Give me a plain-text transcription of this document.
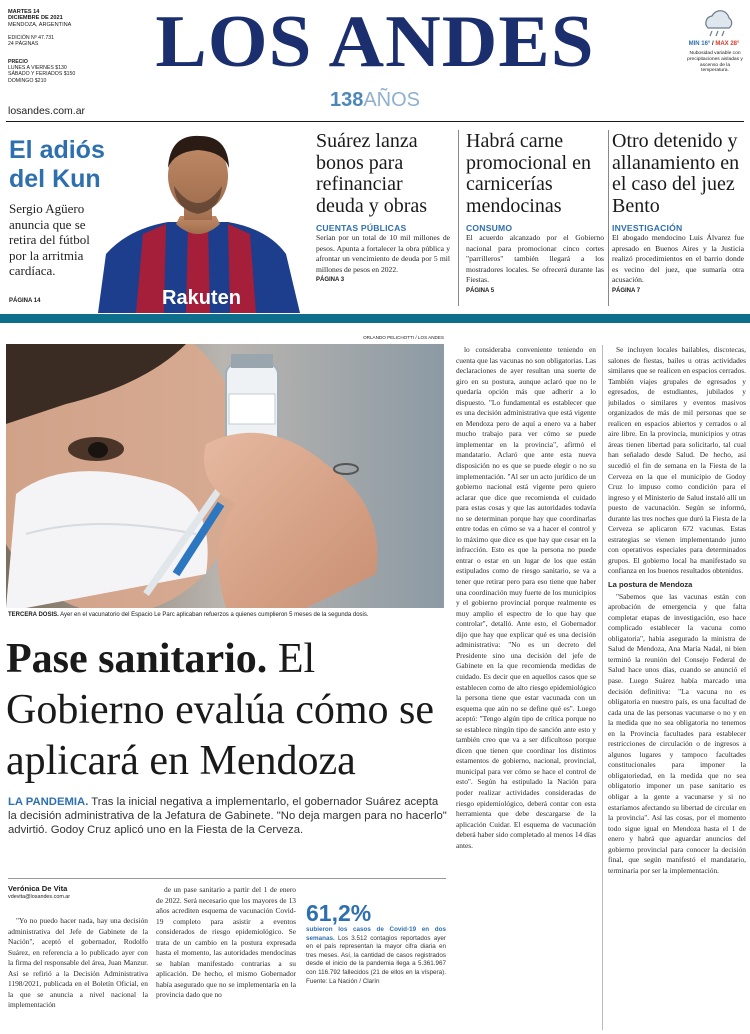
MARTES 14
DICIEMBRE DE 2021
MENDOZA, ARGENTINA
EDICIÓN Nº 47.731
24 PÁGINAS
PRECIO
LUNES A VIERNES $130
SÁBADO Y FERIADOS $150
DOMINGO $210
losandes.com.ar
LOS ANDES
138AÑOS
MIN 16° / MAX 28°
Nubosidad variable con precipitaciones aisladas y ascenso de la temperatura.
Rakuten
El adiós del Kun
Sergio Agüero anuncia que se retira del fútbol por la arritmia cardíaca.
PÁGINA 14
Suárez lanza bonos para refinanciar deuda y obras
CUENTAS PÚBLICAS
Serían por un total de 10 mil millones de pesos. Apunta a fortalecer la obra pública y afrontar un vencimiento de deuda por 5 mil millones de pesos en 2022.
PÁGINA 3
Habrá carne promocional en carnicerías mendocinas
CONSUMO
El acuerdo alcanzado por el Gobierno nacional para promocionar cinco cortes "parrilleros" también llegará a los mostradores locales. Se ofrecerá durante las Fiestas.
PÁGINA 5
Otro detenido y allanamiento en el caso del juez Bento
INVESTIGACIÓN
El abogado mendocino Luis Álvarez fue apresado en Buenos Aires y la Justicia realizó procedimientos en el barrio donde es vecino del juez, que sumaría otra acusación.
PÁGINA 7
ORLANDO PELICHOTTI / LOS ANDES
TERCERA DOSIS. Ayer en el vacunatorio del Espacio Le Parc aplicaban refuerzos a quienes cumplieron 5 meses de la segunda dosis.
Pase sanitario. El Gobierno evalúa cómo se aplicará en Mendoza
LA PANDEMIA. Tras la inicial negativa a implementarlo, el gobernador Suárez acepta la decisión administrativa de la Jefatura de Gabinete. "No deja margen para no hacerlo" advirtió. Godoy Cruz aplicó uno en la Fiesta de la Cerveza.
Verónica De Vita
vdevita@losandes.com.ar

"Yo no puedo hacer nada, hay una decisión administrativa del Jefe de Gabinete de la Nación", aceptó el gobernador, Rodolfo Suárez, en referencia a lo publicado ayer con la firma del responsable del área, Juan Manzur. Así se refirió a la Decisión Administrativa 1198/2021, publicada en el Boletín Oficial, en la que se anuncia a nivel nacional la implementación

de un pase sanitario a partir del 1 de enero de 2022. Será necesario que los mayores de 13 años acrediten esquema de vacunación Covid-19 completo para asistir a eventos considerados de riesgo epidemiológico. Se trata de un cambio en la postura expresada hasta el momento, las autoridades mendocinas se habían manifestado contrarias a su aplicación. De hecho, el mismo Gobernador había asegurado que no se implementaría en la provincia dado que no

61,2%
subieron los casos de Covid-19 en dos semanas. Los 3.512 contagios reportados ayer en el país representan la mayor cifra diaria en tres meses. Así, la cantidad de casos registrados desde el inicio de la pandemia llega a 5.361.967 con 116.792 fallecidos (21 de ellos en la víspera). Fuente: La Nación / Clarín

lo consideraba conveniente teniendo en cuenta que las vacunas no son obligatorias. Las declaraciones de ayer resultan una suerte de giro en su postura, aunque aclaró que no le quedaría opción más que adherir a lo dispuesto. "Lo fundamental es establecer que es una decisión administrativa que está vigente en Mendoza pero de aquí a enero va a haber mucho trabajo para ver cómo se puede implementar en la provincia", afirmó el mandatario. Aclaró que ante esta nueva disposición no es que se puede elegir o no su implementación. "Al ser un acto jurídico de un gobierno nacional está vigente pero quiero aclarar que dice que recomienda el cuidado para estas cosas y que las autoridades todavía no se determinan porque hay que coordinarlas entre todas en cómo se va a hacer el control y lo máximo que dice es que hay que cesar en la infracción. Esto es que la persona no puede entrar o estar en un lugar de los que están estipulados como de riesgo sanitario, se va a tener que retirar pero para eso tiene que haber una coordinación muy fuerte de los municipios y el gobierno provincial porque realmente es muy amplio el espectro de lo que hay que controlar", detalló. Ante esto, el Gobernador dijo que hay que explicar qué es una decisión administrativa: "No es un decreto del Presidente sino una decisión del jefe de Gabinete en la que recomienda medidas de cuidado. Es decir que en aquellos casos que se establecen como de alto riesgo epidemiológico la persona tiene que estar vacunada con un esquema que aún no se define qué es". Luego aceptó: "Tengo algún tipo de crítica porque no se establece ningún tipo de sanción ante esto y también creo que va a ser dificultoso porque dicen que tienen que coordinar los distintos estamentos de gobierno, nacional, provincial, municipal para ver cómo se hace el control de esto". Según ha estipulado la Nación para poder realizar actividades consideradas de riesgo epidemiológico, deberá contar con esta herramienta que debe descargarse de la aplicación Cuidar. El esquema de vacunación deberá haber sido completado al menos 14 días antes.

Se incluyen locales bailables, discotecas, salones de fiestas, bailes u otras actividades similares que se realicen en espacios cerrados. También viajes grupales de egresados y egresados, de estudiantes, jubilados y jubilados o similares y eventos masivos organizados de más de mil personas que se realicen en espacios abiertos y cerrados o al aire libre. En la provincia, municipios y otras áreas tienen libertad para solicitarlo, tal cual han señalado desde Salud. De hecho, así sucedió el fin de semana en la Fiesta de la Cerveza en la que el municipio de Godoy Cruz lo impuso como condición para el ingreso y el Ministerio de Salud instaló allí un puesto de vacunación. Según se informó, durante las tres noches que duró la Fiesta de la Cerveza se aplicaron 672 vacunas. Estas estrategias se vienen implementando junto con operativos especiales para determinados grupos. El gobierno local ha manifestado su confianza en los buenos resultados obtenidos.

La postura de Mendoza

"Sabemos que las vacunas están con aprobación de emergencia y que falta completar etapas de investigación, eso hace complicado establecer la vacuna como obligatoria", había asegurado la ministra de Salud de Mendoza, Ana María Nadal, ni bien terminó la reunión del Consejo Federal de Salud hace unos días, cuando se anunció el pase. Luego Suárez había marcado una decisión definitiva: "La vacuna no es obligatoria en nuestro país, es una facultad de cada una de las personas vacunarse o no y en la medida que no sea obligatoria no tenemos en la Provincia facultades para establecer restricciones de circulación o de ingresos a algunos lugares y tampoco facultades constitucionales para imponer la obligatoriedad, en la medida que no sea obligatorio imponer un pase sanitario es obligar a la gente a vacunarse y si no estaríamos afectando su libertad de circular en la provincia". Así las cosas, por el momento todo sigue igual en Mendoza hasta el 1 de enero y habrá que aguardar anuncios del gobierno provincial para conocer la decisión final, que según manifestó el mandatario, terminaría por ser la implementación.
